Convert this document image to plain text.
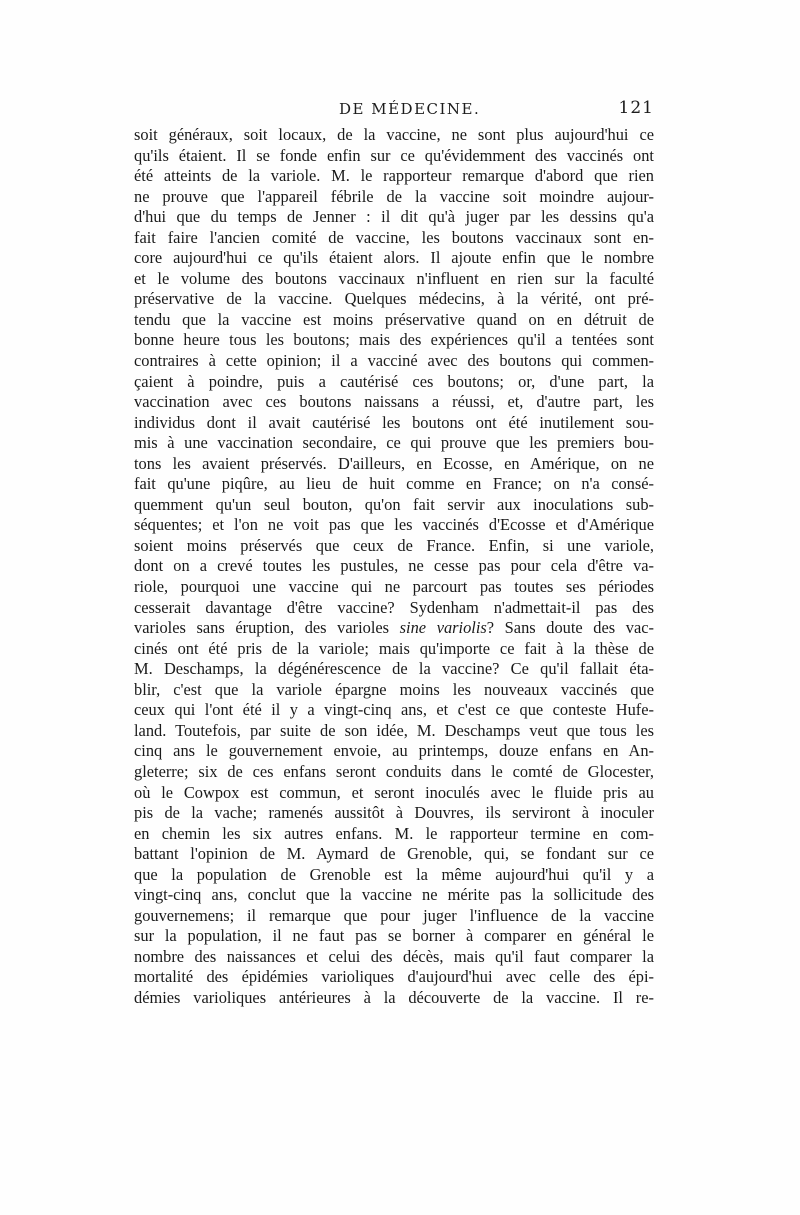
DE MÉDECINE.	121
soit généraux, soit locaux, de la vaccine, ne sont plus aujourd'hui ce
qu'ils étaient. Il se fonde enfin sur ce qu'évidemment des vaccinés ont
été atteints de la variole. M. le rapporteur remarque d'abord que rien
ne prouve que l'appareil fébrile de la vaccine soit moindre aujour-
d'hui que du temps de Jenner : il dit qu'à juger par les dessins qu'a
fait faire l'ancien comité de vaccine, les boutons vaccinaux sont en-
core aujourd'hui ce qu'ils étaient alors. Il ajoute enfin que le nombre
et le volume des boutons vaccinaux n'influent en rien sur la faculté
préservative de la vaccine. Quelques médecins, à la vérité, ont pré-
tendu que la vaccine est moins préservative quand on en détruit de
bonne heure tous les boutons; mais des expériences qu'il a tentées sont
contraires à cette opinion; il a vacciné avec des boutons qui commen-
çaient à poindre, puis a cautérisé ces boutons; or, d'une part, la
vaccination avec ces boutons naissans a réussi, et, d'autre part, les
individus dont il avait cautérisé les boutons ont été inutilement sou-
mis à une vaccination secondaire, ce qui prouve que les premiers bou-
tons les avaient préservés. D'ailleurs, en Ecosse, en Amérique, on ne
fait qu'une piqûre, au lieu de huit comme en France; on n'a consé-
quemment qu'un seul bouton, qu'on fait servir aux inoculations sub-
séquentes; et l'on ne voit pas que les vaccinés d'Ecosse et d'Amérique
soient moins préservés que ceux de France. Enfin, si une variole,
dont on a crevé toutes les pustules, ne cesse pas pour cela d'être va-
riole, pourquoi une vaccine qui ne parcourt pas toutes ses périodes
cesserait davantage d'être vaccine? Sydenham n'admettait-il pas des
varioles sans éruption, des varioles sine variolis? Sans doute des vac-
cinés ont été pris de la variole; mais qu'importe ce fait à la thèse de
M. Deschamps, la dégénérescence de la vaccine? Ce qu'il fallait éta-
blir, c'est que la variole épargne moins les nouveaux vaccinés que
ceux qui l'ont été il y a vingt-cinq ans, et c'est ce que conteste Hufe-
land. Toutefois, par suite de son idée, M. Deschamps veut que tous les
cinq ans le gouvernement envoie, au printemps, douze enfans en An-
gleterre; six de ces enfans seront conduits dans le comté de Glocester,
où le Cowpox est commun, et seront inoculés avec le fluide pris au
pis de la vache; ramenés aussitôt à Douvres, ils serviront à inoculer
en chemin les six autres enfans. M. le rapporteur termine en com-
battant l'opinion de M. Aymard de Grenoble, qui, se fondant sur ce
que la population de Grenoble est la même aujourd'hui qu'il y a
vingt-cinq ans, conclut que la vaccine ne mérite pas la sollicitude des
gouvernemens; il remarque que pour juger l'influence de la vaccine
sur la population, il ne faut pas se borner à comparer en général le
nombre des naissances et celui des décès, mais qu'il faut comparer la
mortalité des épidémies varioliques d'aujourd'hui avec celle des épi-
démies varioliques antérieures à la découverte de la vaccine. Il re-
